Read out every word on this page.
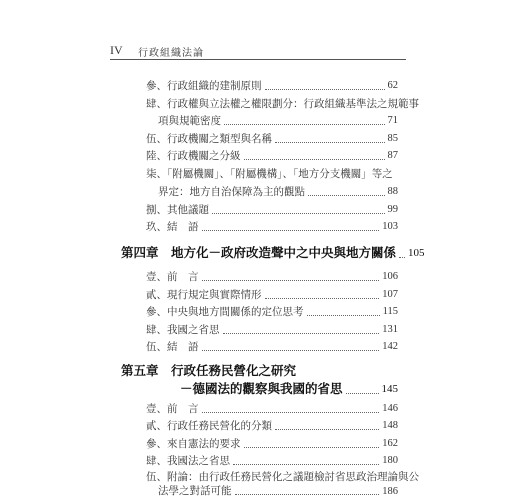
IV 行政組織法論
參、行政組織的建制原則	62
肆、行政權與立法權之權限劃分：行政組織基準法之規範事
項與規範密度	71
伍、行政機關之類型與名稱	85
陸、行政機關之分級	87
柒、「附屬機關」、「附屬機構」、「地方分支機關」等之
界定：地方自治保障為主的觀點	88
捌、其他議題	99
玖、結　語	103
第四章　地方化－政府改造聲中之中央與地方關係 105
壹、前　言	106
貳、現行規定與實際情形	107
參、中央與地方間關係的定位思考	115
肆、我國之省思	131
伍、結　語	142
第五章　行政任務民營化之研究
－德國法的觀察與我國的省思	145
壹、前　言	146
貳、行政任務民營化的分類	148
參、來自憲法的要求	162
肆、我國法之省思	180
伍、附論：由行政任務民營化之議題檢討省思政治理論與公
法學之對話可能	186
